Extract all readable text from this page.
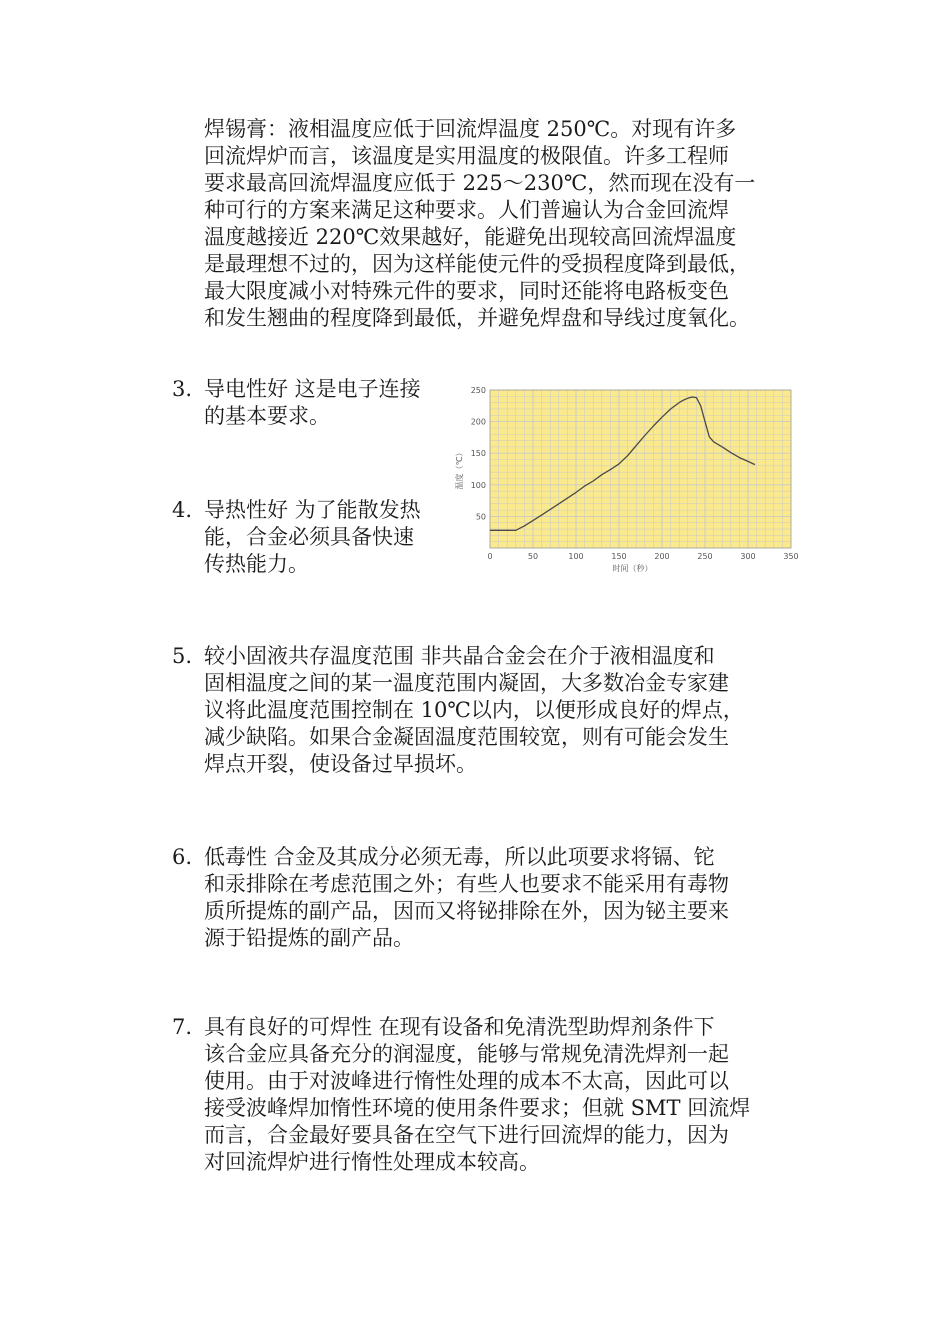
焊锡膏：液相温度应低于回流焊温度 250℃。对现有许多
回流焊炉而言，该温度是实用温度的极限值。许多工程师
要求最高回流焊温度应低于 225～230℃，然而现在没有一
种可行的方案来满足这种要求。人们普遍认为合金回流焊
温度越接近 220℃效果越好，能避免出现较高回流焊温度
是最理想不过的，因为这样能使元件的受损程度降到最低，
最大限度减小对特殊元件的要求，同时还能将电路板变色
和发生翘曲的程度降到最低，并避免焊盘和导线过度氧化。
3. 导电性好 这是电子连接
的基本要求。
4. 导热性好 为了能散发热
能，合金必须具备快速
传热能力。
5. 较小固液共存温度范围 非共晶合金会在介于液相温度和
固相温度之间的某一温度范围内凝固，大多数冶金专家建
议将此温度范围控制在 10℃以内，以便形成良好的焊点，
减少缺陷。如果合金凝固温度范围较宽，则有可能会发生
焊点开裂，使设备过早损坏。
6. 低毒性 合金及其成分必须无毒，所以此项要求将镉、铊
和汞排除在考虑范围之外；有些人也要求不能采用有毒物
质所提炼的副产品，因而又将铋排除在外，因为铋主要来
源于铅提炼的副产品。
7. 具有良好的可焊性 在现有设备和免清洗型助焊剂条件下
该合金应具备充分的润湿度，能够与常规免清洗焊剂一起
使用。由于对波峰进行惰性处理的成本不太高，因此可以
接受波峰焊加惰性环境的使用条件要求；但就 SMT 回流焊
而言，合金最好要具备在空气下进行回流焊的能力，因为
对回流焊炉进行惰性处理成本较高。
0	50	100	150	200	250	300	350
50
100
150
200
250
时间（秒）
温度（℃）
